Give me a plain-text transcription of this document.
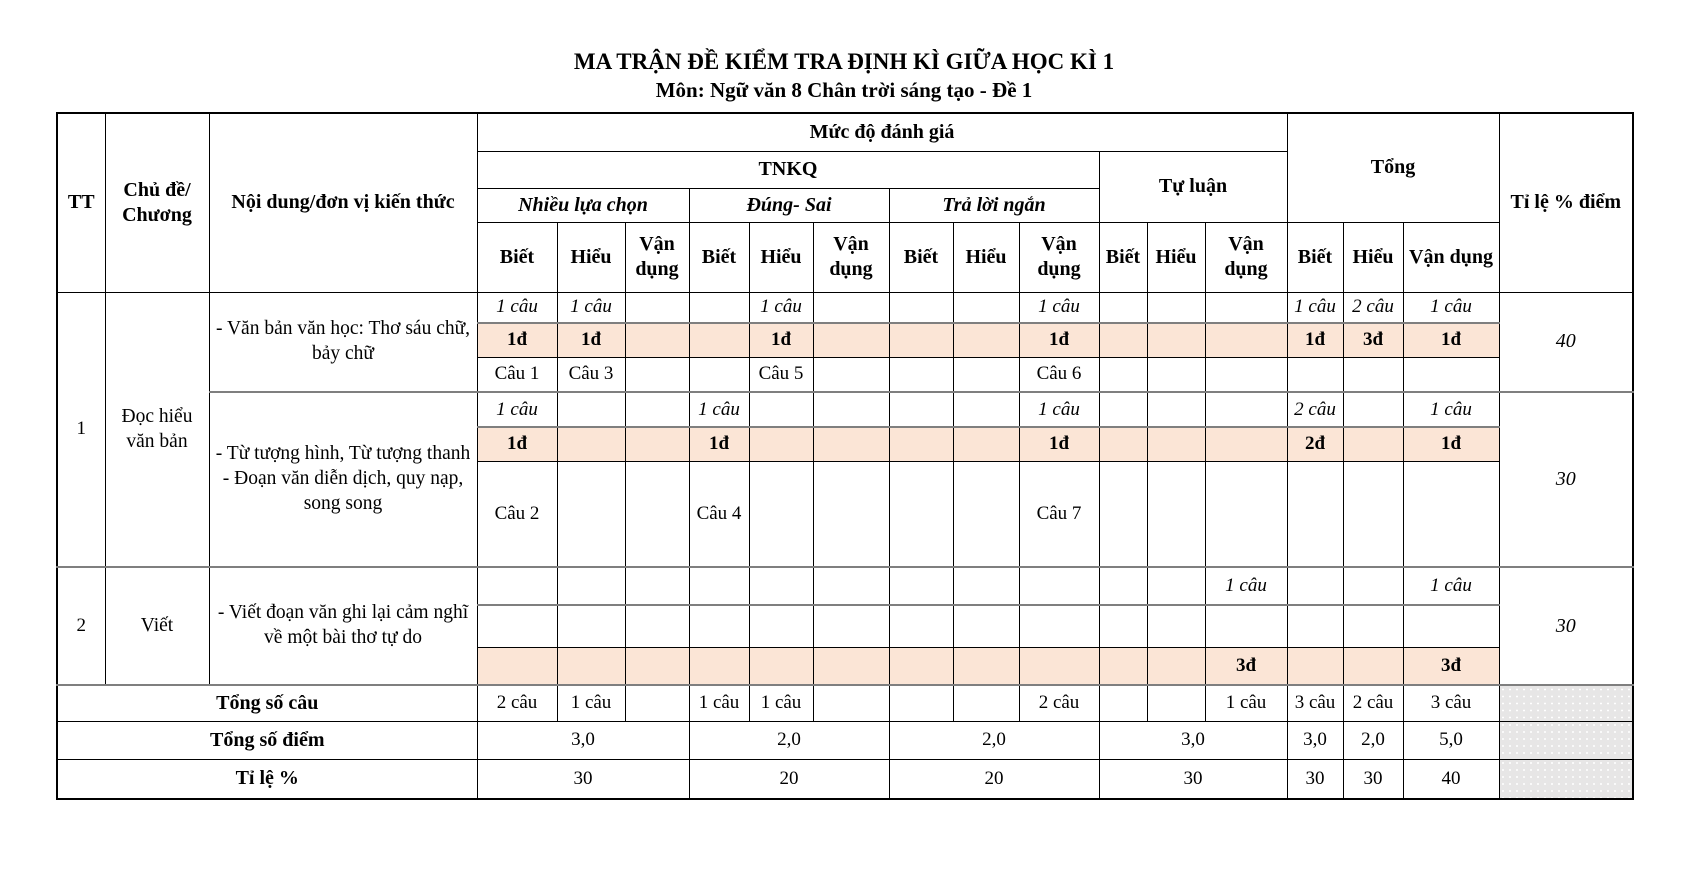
MA TRẬN ĐỀ KIỂM TRA ĐỊNH KÌ GIỮA HỌC KÌ 1
Môn: Ngữ văn 8 Chân trời sáng tạo - Đề 1
TT	Chủ đề/ Chương	Nội dung/đơn vị kiến thức	Mức độ đánh giá												Tổng			Tỉ lệ % điểm
			TNKQ									Tự luận						
			Nhiều lựa chọn			Đúng- Sai			Trả lời ngắn									
			Biết	Hiểu	Vận dụng	Biết	Hiểu	Vận dụng	Biết	Hiểu	Vận dụng	Biết	Hiểu	Vận dụng	Biết	Hiểu	Vận dụng	
1	Đọc hiểu văn bản	- Văn bản văn học: Thơ sáu chữ, bảy chữ	1 câu	1 câu			1 câu				1 câu				1 câu	2 câu	1 câu	40
			1đ	1đ			1đ				1đ				1đ	3đ	1đ	
			Câu 1	Câu 3			Câu 5				Câu 6							

		- Từ tượng hình, Từ tượng thanh
- Đoạn văn diễn dịch, quy nạp, song song	1 câu			1 câu					1 câu				2 câu		1 câu	30
			1đ			1đ					1đ				2đ		1đ	
			Câu 2			Câu 4					Câu 7							
2	Viết	- Viết đoạn văn ghi lại cảm nghĩ về một bài thơ tự do												1 câu			1 câu	30

														3đ			3đ	
Tổng số câu			2 câu	1 câu		1 câu	1 câu				2 câu			1 câu	3 câu	2 câu	3 câu	
Tổng số điểm			3,0			2,0			2,0			3,0			3,0	2,0	5,0	
Tỉ lệ %			30			20			20			30			30	30	40	
